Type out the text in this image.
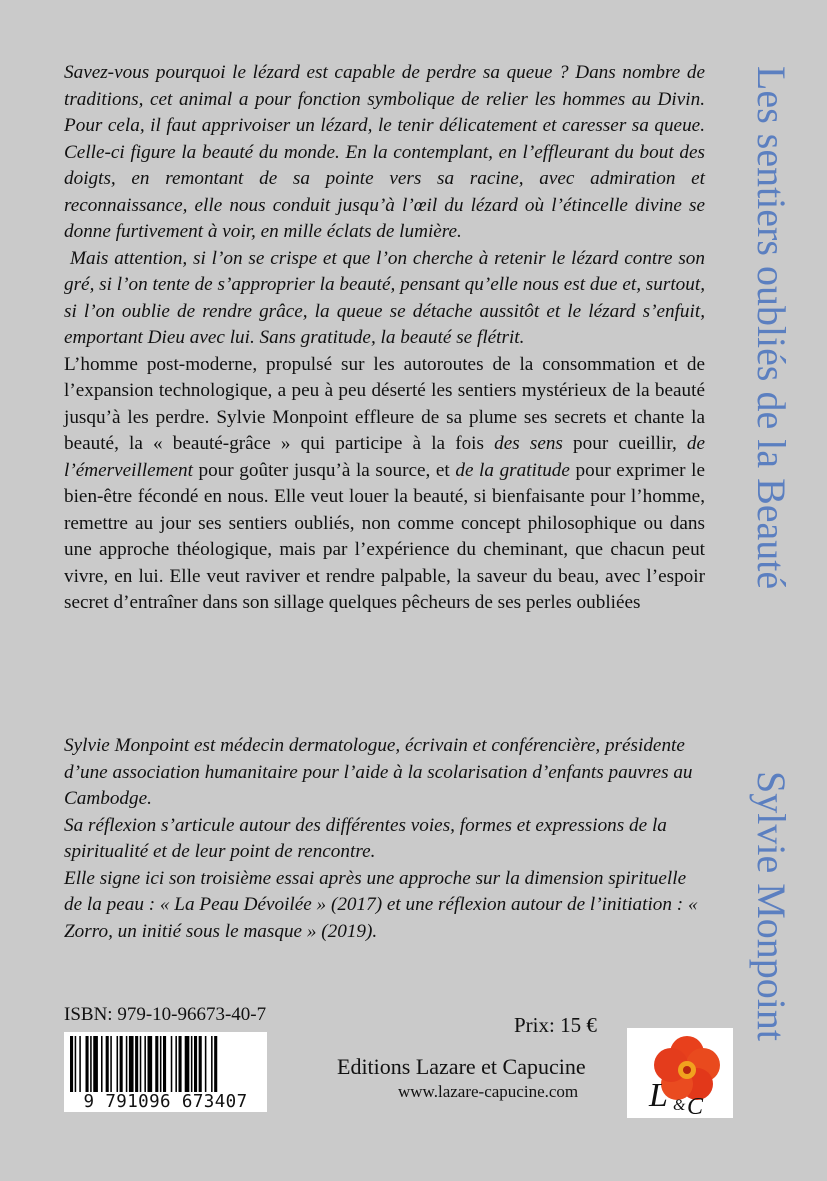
Savez-vous pourquoi le lézard est capable de perdre sa queue ? Dans nombre de traditions, cet animal a pour fonction symbolique de relier les hommes au Divin. Pour cela, il faut apprivoiser un lézard, le tenir délicatement et caresser sa queue. Celle-ci figure la beauté du monde. En la contemplant, en l’effleurant du bout des doigts, en remontant de sa pointe vers sa racine, avec admiration et reconnaissance, elle nous conduit jusqu’à l’œil du lézard où l’étincelle divine se donne furtivement à voir, en mille éclats de lumière.

Mais attention, si l’on se crispe et que l’on cherche à retenir le lézard contre son gré, si l’on tente de s’approprier la beauté, pensant qu’elle nous est due et, surtout, si l’on oublie de rendre grâce, la queue se détache aussitôt et le lézard s’enfuit, emportant Dieu avec lui. Sans gratitude, la beauté se flétrit.

L’homme post-moderne, propulsé sur les autoroutes de la consommation et de l’expansion technologique, a peu à peu déserté les sentiers mystérieux de la beauté jusqu’à les perdre. Sylvie Monpoint effleure de sa plume ses secrets et chante la beauté, la « beauté-grâce » qui participe à la fois des sens pour cueillir, de l’émerveillement pour goûter jusqu’à la source, et de la gratitude pour exprimer le bien-être fécondé en nous. Elle veut louer la beauté, si bienfaisante pour l’homme, remettre au jour ses sentiers oubliés, non comme concept philosophique ou dans une approche théologique, mais par l’expérience du cheminant, que chacun peut vivre, en lui. Elle veut raviver et rendre palpable, la saveur du beau, avec l’espoir secret d’entraîner dans son sillage quelques pêcheurs de ses perles oubliées

Sylvie Monpoint est médecin dermatologue, écrivain et conférencière, présidente d’une association humanitaire pour l’aide à la scolarisation d’enfants pauvres au Cambodge.

Sa réflexion s’articule autour des différentes voies, formes et expressions de la spiritualité et de leur point de rencontre.

Elle signe ici son troisième essai après une approche sur la dimension spirituelle de la peau : « La Peau Dévoilée » (2017) et une réflexion autour de l’initiation : « Zorro, un initié sous le masque » (2019).

Les sentiers oubliés de la Beauté
Sylvie Monpoint
ISBN: 979-10-96673-40-7
9 791096 673407
Prix: 15 €
Editions Lazare et Capucine
www.lazare-capucine.com L & C
